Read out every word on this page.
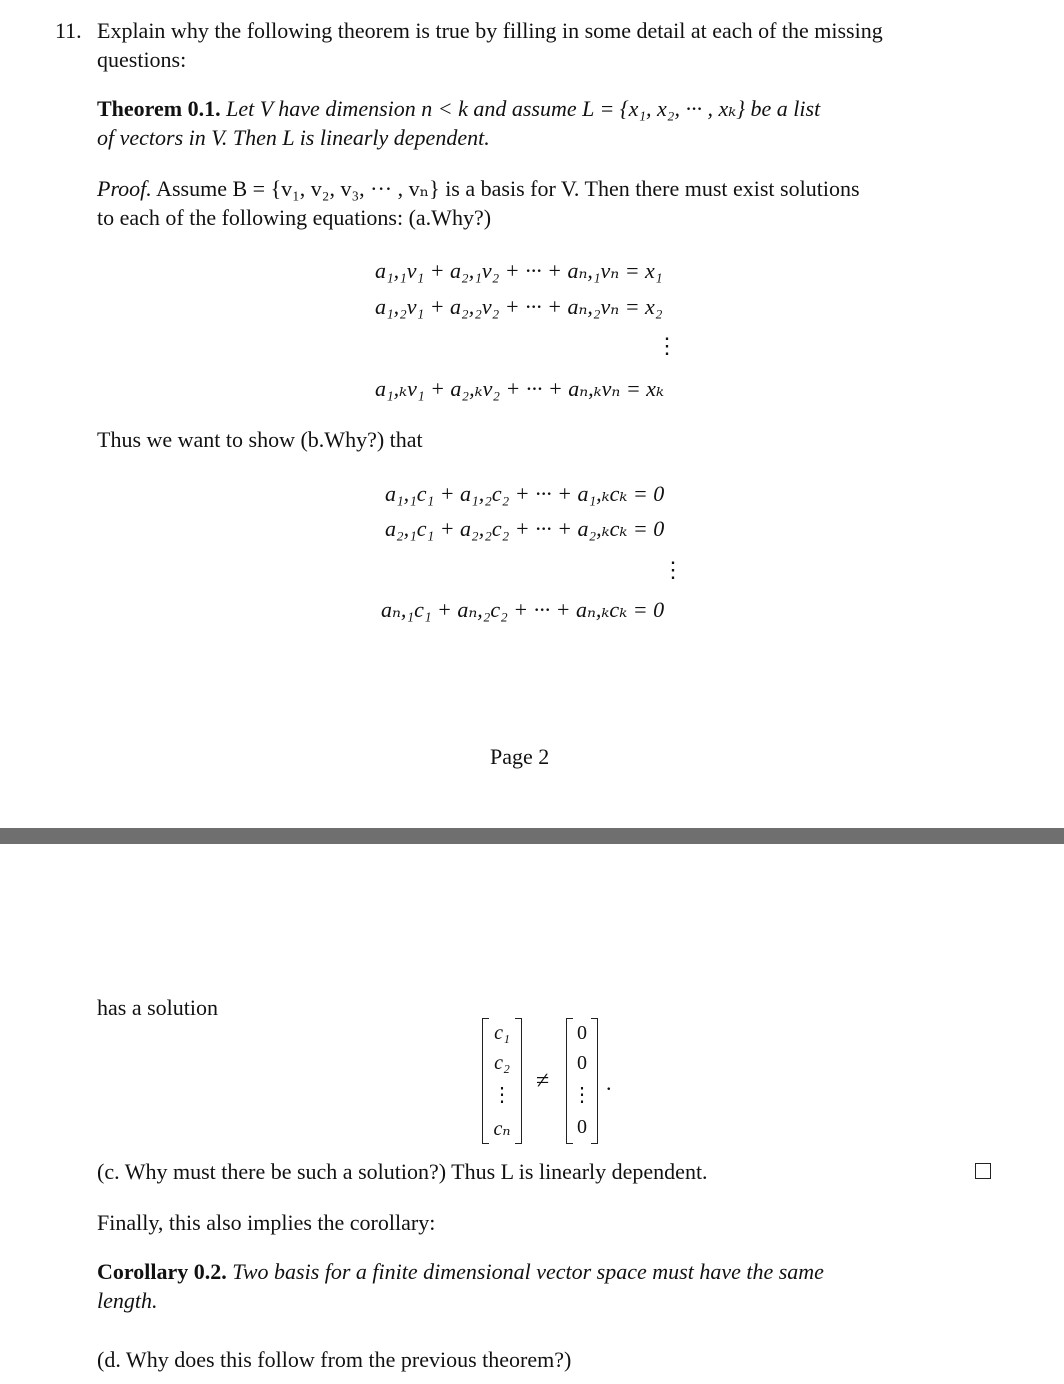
11. Explain why the following theorem is true by filling in some detail at each of the missing
questions:
Theorem 0.1. Let V have dimension n < k and assume L = {x₁, x₂, ··· , xₖ} be a list
of vectors in V. Then L is linearly dependent.
Proof. Assume B = {v₁, v₂, v₃, ··· , vₙ} is a basis for V. Then there must exist solutions
to each of the following equations: (a.Why?)
a₁,₁v₁ + a₂,₁v₂ + ··· + aₙ,₁vₙ = x₁
a₁,₂v₁ + a₂,₂v₂ + ··· + aₙ,₂vₙ = x₂
⋮
a₁,ₖv₁ + a₂,ₖv₂ + ··· + aₙ,ₖvₙ = xₖ
Thus we want to show (b.Why?) that
a₁,₁c₁ + a₁,₂c₂ + ··· + a₁,ₖcₖ = 0
a₂,₁c₁ + a₂,₂c₂ + ··· + a₂,ₖcₖ = 0
⋮
aₙ,₁c₁ + aₙ,₂c₂ + ··· + aₙ,ₖcₖ = 0
Page 2
has a solution
c₁
c₂
⋮
cₙ
≠
0
0
⋮
0
.
(c. Why must there be such a solution?) Thus L is linearly dependent.
Finally, this also implies the corollary:
Corollary 0.2. Two basis for a finite dimensional vector space must have the same
length.
(d. Why does this follow from the previous theorem?)
